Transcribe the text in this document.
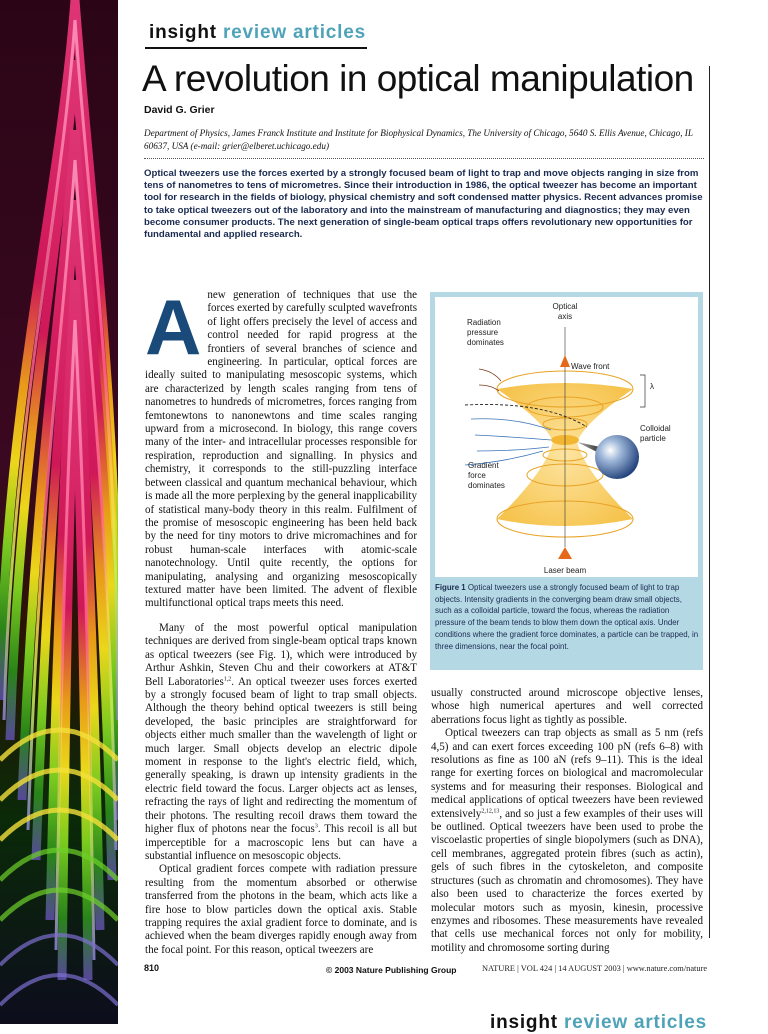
insight review articles
A revolution in optical manipulation
David G. Grier
Department of Physics, James Franck Institute and Institute for Biophysical Dynamics, The University of Chicago, 5640 S. Ellis Avenue, Chicago, IL 60637, USA (e-mail: grier@elberet.uchicago.edu)
Optical tweezers use the forces exerted by a strongly focused beam of light to trap and move objects ranging in size from tens of nanometres to tens of micrometres. Since their introduction in 1986, the optical tweezer has become an important tool for research in the fields of biology, physical chemistry and soft condensed matter physics. Recent advances promise to take optical tweezers out of the laboratory and into the mainstream of manufacturing and diagnostics; they may even become consumer products. The next generation of single-beam optical traps offers revolutionary new opportunities for fundamental and applied research.

Anew generation of techniques that use the forces exerted by carefully sculpted wavefronts of light offers precisely the level of access and control needed for rapid progress at the frontiers of several branches of science and engineering. In particular, optical forces are ideally suited to manipulating mesoscopic systems, which are characterized by length scales ranging from tens of nanometres to hundreds of micrometres, forces ranging from femtonewtons to nanonewtons and time scales ranging upward from a microsecond. In biology, this range covers many of the inter- and intracellular processes responsible for respiration, reproduction and signalling. In physics and chemistry, it corresponds to the still-puzzling interface between classical and quantum mechanical behaviour, which is made all the more perplexing by the general inapplicability of statistical many-body theory in this realm. Fulfilment of the promise of mesoscopic engineering has been held back by the need for tiny motors to drive micromachines and for robust human-scale interfaces with atomic-scale nanotechnology. Until quite recently, the options for manipulating, analysing and organizing mesoscopically textured matter have been limited. The advent of flexible multifunctional optical traps meets this need.

Many of the most powerful optical manipulation techniques are derived from single-beam optical traps known as optical tweezers (see Fig. 1), which were introduced by Arthur Ashkin, Steven Chu and their coworkers at AT&T Bell Laboratories$^{1,2}$. An optical tweezer uses forces exerted by a strongly focused beam of light to trap small objects. Although the theory behind optical tweezers is still being developed, the basic principles are straightforward for objects either much smaller than the wavelength of light or much larger. Small objects develop an electric dipole moment in response to the light's electric field, which, generally speaking, is drawn up intensity gradients in the electric field toward the focus. Larger objects act as lenses, refracting the rays of light and redirecting the momentum of their photons. The resulting recoil draws them toward the higher flux of photons near the focus$^3$. This recoil is all but imperceptible for a macroscopic lens but can have a substantial influence on mesoscopic objects.

Optical gradient forces compete with radiation pressure resulting from the momentum absorbed or otherwise transferred from the photons in the beam, which acts like a fire hose to blow particles down the optical axis. Stable trapping requires the axial gradient force to dominate, and is achieved when the beam diverges rapidly enough away from the focal point. For this reason, optical tweezers are

Optical
axis
Radiation
pressure
dominates
Wave front
λ
Colloidal
particle
Gradient
force
dominates
Laser beam
Figure 1 Optical tweezers use a strongly focused beam of light to trap objects. Intensity gradients in the converging beam draw small objects, such as a colloidal particle, toward the focus, whereas the radiation pressure of the beam tends to blow them down the optical axis. Under conditions where the gradient force dominates, a particle can be trapped, in three dimensions, near the focal point.

usually constructed around microscope objective lenses, whose high numerical apertures and well corrected aberrations focus light as tightly as possible.

Optical tweezers can trap objects as small as 5 nm (refs 4,5) and can exert forces exceeding 100 pN (refs 6–8) with resolutions as fine as 100 aN (refs 9–11). This is the ideal range for exerting forces on biological and macromolecular systems and for measuring their responses. Biological and medical applications of optical tweezers have been reviewed extensively$^{2,12,13}$, and so just a few examples of their uses will be outlined. Optical tweezers have been used to probe the viscoelastic properties of single biopolymers (such as DNA), cell membranes, aggregated protein fibres (such as actin), gels of such fibres in the cytoskeleton, and composite structures (such as chromatin and chromosomes). They have also been used to characterize the forces exerted by molecular motors such as myosin, kinesin, processive enzymes and ribosomes. These measurements have revealed that cells use mechanical forces not only for mobility, motility and chromosome sorting during

810	© 2003 Nature Publishing Group	NATURE | VOL 424 | 14 AUGUST 2003 | www.nature.com/nature
insight review articles
